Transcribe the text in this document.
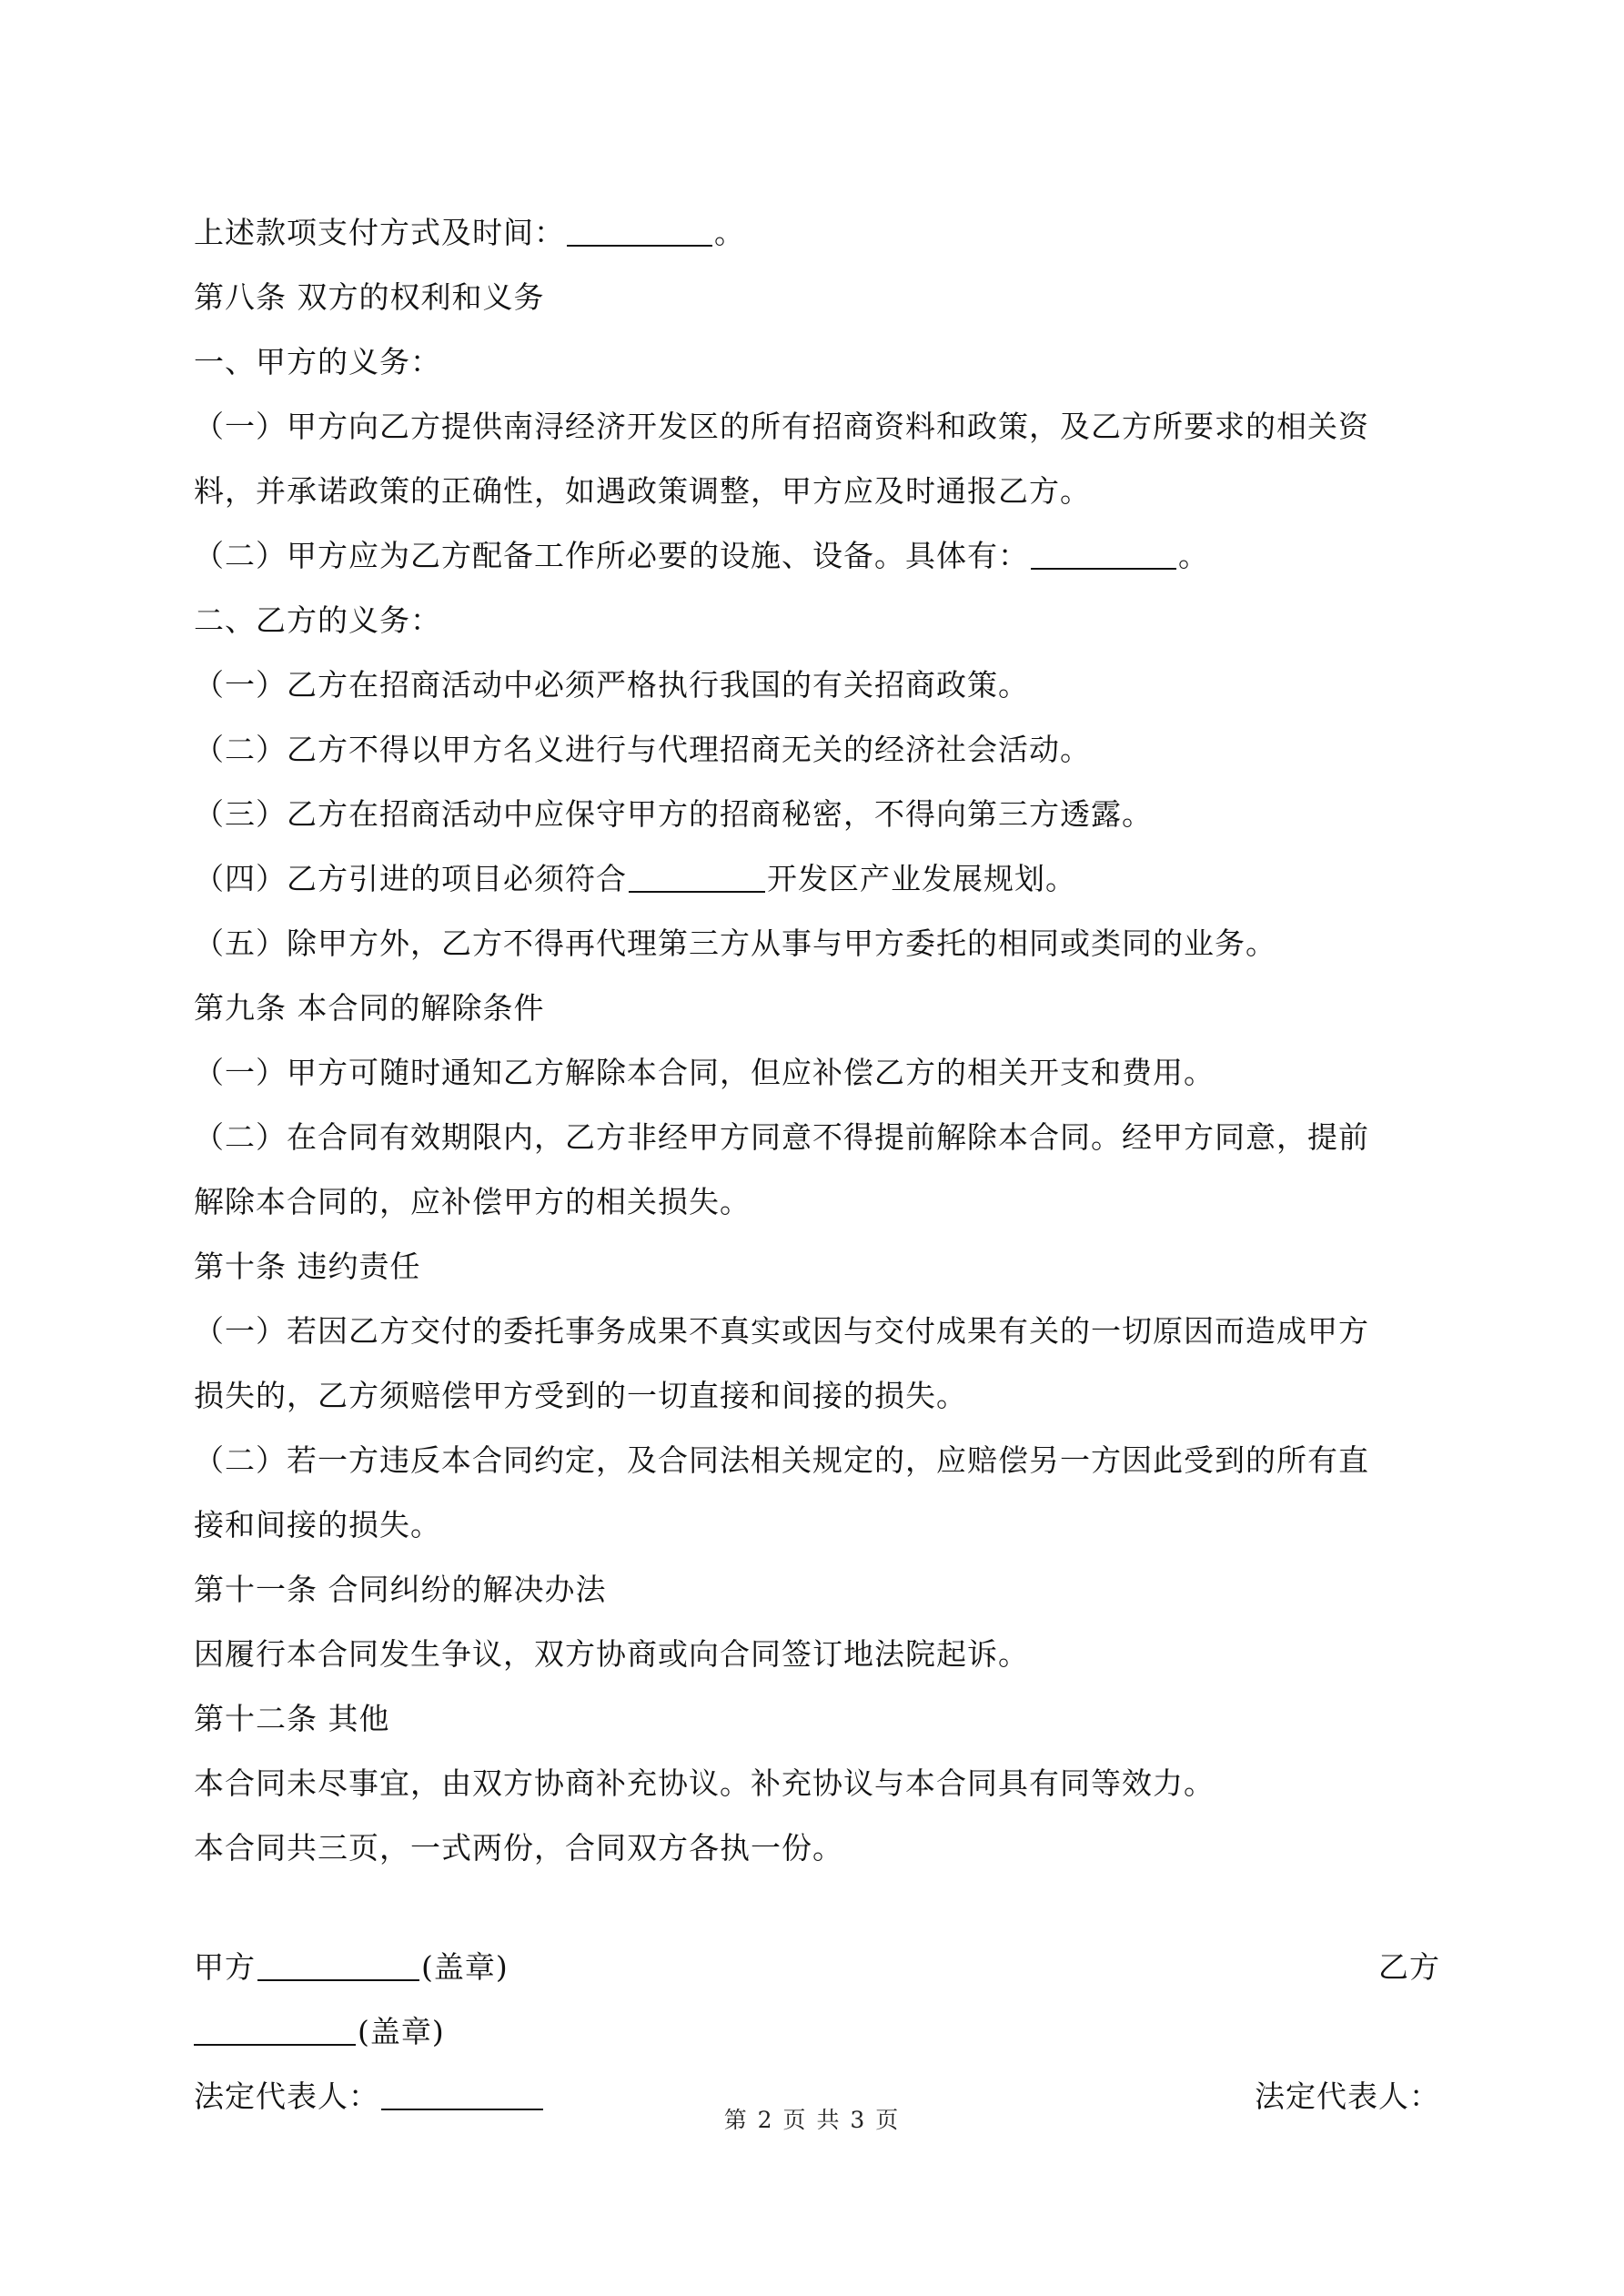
上述款项支付方式及时间：	。
第八条 双方的权利和义务
一、甲方的义务：
（一）甲方向乙方提供南浔经济开发区的所有招商资料和政策，及乙方所要求的相关资
料，并承诺政策的正确性，如遇政策调整，甲方应及时通报乙方。
（二）甲方应为乙方配备工作所必要的设施、设备。具体有：	。
二、乙方的义务：
（一）乙方在招商活动中必须严格执行我国的有关招商政策。
（二）乙方不得以甲方名义进行与代理招商无关的经济社会活动。
（三）乙方在招商活动中应保守甲方的招商秘密，不得向第三方透露。
（四）乙方引进的项目必须符合	开发区产业发展规划。
（五）除甲方外，乙方不得再代理第三方从事与甲方委托的相同或类同的业务。
第九条 本合同的解除条件
（一）甲方可随时通知乙方解除本合同，但应补偿乙方的相关开支和费用。
（二）在合同有效期限内，乙方非经甲方同意不得提前解除本合同。经甲方同意，提前
解除本合同的，应补偿甲方的相关损失。
第十条 违约责任
（一）若因乙方交付的委托事务成果不真实或因与交付成果有关的一切原因而造成甲方
损失的，乙方须赔偿甲方受到的一切直接和间接的损失。
（二）若一方违反本合同约定，及合同法相关规定的，应赔偿另一方因此受到的所有直
接和间接的损失。
第十一条 合同纠纷的解决办法
因履行本合同发生争议，双方协商或向合同签订地法院起诉。
第十二条 其他
本合同未尽事宜，由双方协商补充协议。补充协议与本合同具有同等效力。
本合同共三页，一式两份，合同双方各执一份。
甲方	(盖章)	乙方
(盖章)
法定代表人：	法定代表人：
第 2 页 共 3 页
